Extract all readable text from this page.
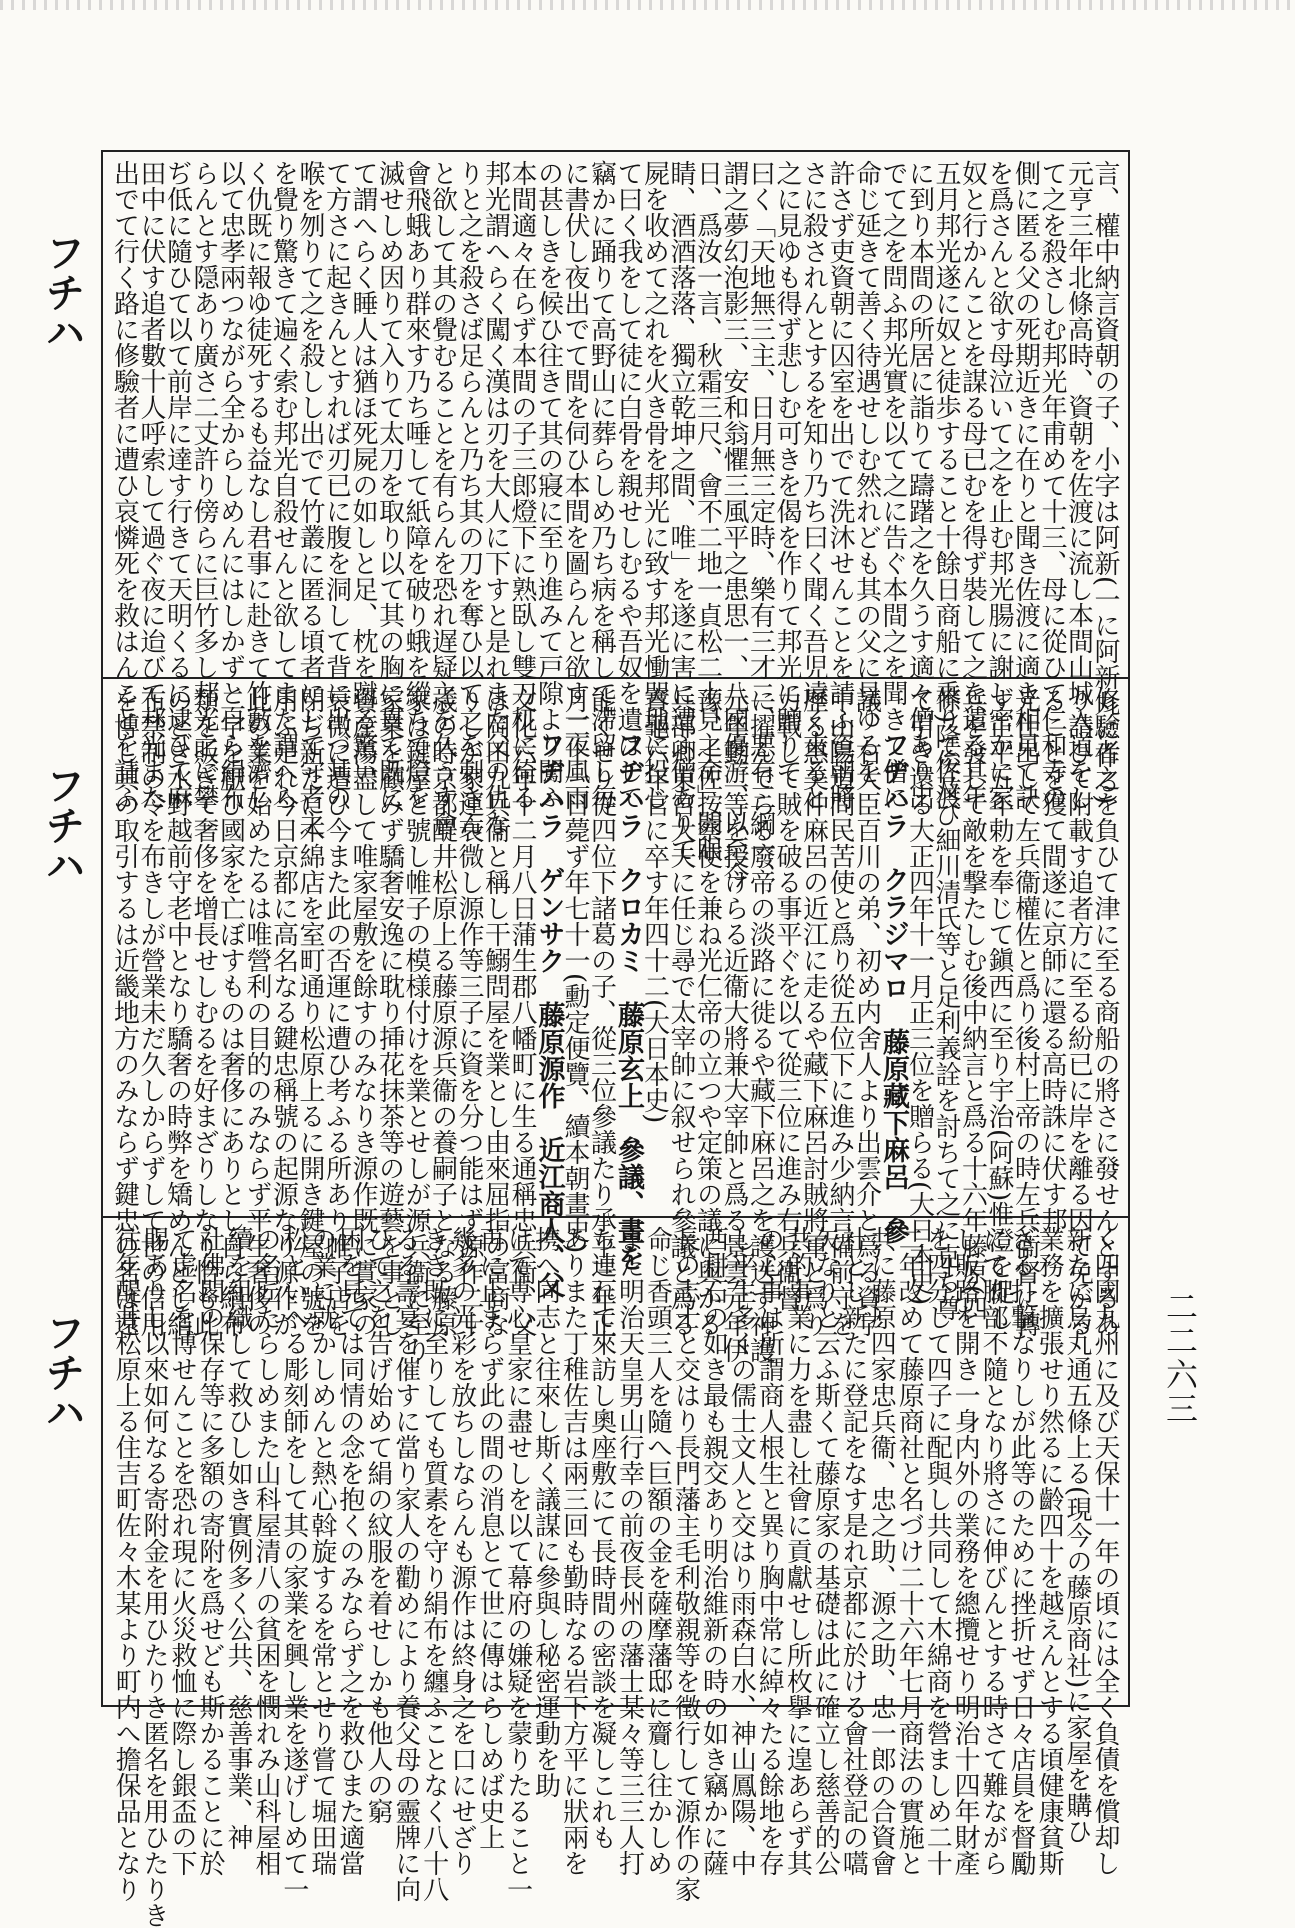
フチハ
フチハ
フチハ	二二六三
言、權中納言資朝の子、小字は阿新(一に阿新丸に作る)
元亨三年北條高時、資朝を佐渡に流し本間山城入道をし
て之を殺さしむ邦光年甫めて十三、母に從ひて仁和寺の
側に匿る父の死期近きに在りと聞き佐渡に適き相見て訣
を爲さんと欲す母泣いて之を止む邦光腸に謝し密かに家
奴と行かんことを謀る母已むを得ず裝して之を遣る其年
五月邦光遂に奴と徒歩すること十餘日商船に乗りて佐渡
に到り本間の所居に詣りて躊躇之を久うす適々僧あり出
でて之を問ふ邦光實を以て之に告ぐ本間之を聞きて僧に
命じ延きて善く待遇せしむ然れども其の父に見ゆるを
許さず吏資朝に囚室を出でて洗沐せんことを請ふ資朝將
さに殺されんとするを知り乃ち曰く聞く吾児遠く來ると
之に見ゆも得ず悲しむ可きを偈を作りて邦光に贈りて
曰く「天地無三主、日月無三定時、樂有三才二、悪有三綱一、
謂之夢幻泡影三、安和翁懼三風平之患思一、八國優游、以至今
日、爲汝一言、秋霜三尺、會不二地一貞松二士見之命」開眼
睛、酒酒落落、獨立乾坤之間、唯」を遂に害に遭ふ僧ありて
屍を收めて之れを火き骨を邦光に致す邦光慟哭地に投じ
て曰く我をして徒に白骨を親せしむるや吾奴を遺はして
竊かに踊りて高野山に葬らしめ乃ち病を稱して滯留し毎
に書伏し夜出でて間を伺ひ本間を圖らんと欲す一夜風雨
の甚しきを候ひ往きて其の寢に至り進みて戸隙より闖ふ
本間適々在らず本間の子三郎燈下に熟臥し雙刀杌に倚る
邦光謂へらく闖く漢は刃を大人に下すと是れまた父の仇な
りと之を殺さば足らんと乃ち其の刀を奪ひ以て之を刺さん
と欲して其の覺むることを有らんを恐れ遅疑之を久うす會
會飛蛾あり群來す乃ち唾して紙障を破り蛾を縱ちて燈を
滅せしめ因りて入りて太刀を取り以て其の胸に貫て既に
て謂へらく睡人は猶ほ死屍の如しと足、枕を蹴る驚い
て方さに起きんとすれば刃已に腹を洞して背に出づ其の
喉を刎りて之を殺しし出でて竹叢に匿る頃者にして守者之
を覺り驚きて遍く索む邦光自殺せんと欲してまた謂へら
く仇既に報ゆ徒死するも益なし君事に赴きて竹藪を濟し
以て忠孝兩つながら全からしめんにはしかずと自ら絹布
らんとす隠あり廣さ二丈許り傍らに巨竹多し邦光之に攀
ぢ低に隨ひて以て前岸に達す行きて天明くるに逮びて麻
田中に伏す追者數十人呼索して過ぐ夜に迨びて邦光また
出でて行く路に修驗者に遭ひ哀憐死を救はんことを請ふ
修驗者之を負ひて津に至る商船の將さに發せんとするあ
り請ひて附載す追者方に至る紛已に岸を離る因て免がる
ることを獲て間遂に京師に還る高時誅に伏す邦
光仕出して左兵衞權佐と爲り後村上帝の時左兵衞督に轉
ず正平五年勅を奉じて鎭西に至り宇治(阿蘇)惟澄を促し
兵を發して敵を撃たしむ後中納言と爲る十六年藤原(四
條)隆俊及び細川清氏等と足利義詮を討ちて之に克ち尊
て引き還る大正四年十一月正三位を贈らる(大日本史)
フヂハラ　クラジマロ　藤原藏下麻呂　參
議、右大臣百川の弟、初め内舍人より出雲介と爲る資字
中山陽道問民苦使と爲り從五位下に進み少納言備前守を
歷る惠美仲麻呂の近江に走るや藏下麻呂討賊將軍と爲り
力戰して賊を破る事平ぐを以て從三位に進み右兵衞督
に擢んでらる廢帝の淡路に徙るや藏下麻呂之を護送す神護
元年動二等を授けらる近衞大將兼大宰帥と爲る景雲元年伊
豫、土佐按察使を兼ね光仁帝の立つや定策の議に與かる
兵部卿東宮大夫に任じ尋で太宰帥に叙せられ參議と爲る
寶龜六年官に卒す年四十二(大日本史)
フヂハラ　クロカミ　藤原玄上　參議、畫を
能くせり從四位下諸葛の子、從三位參議たり承平三年正
月二十一日薨ず年七十一(勳定便覽、續本朝畫史)
フヂハラ　ゲンサク　藤原源作　近江商人、父
文化六年十二月八日蒲生郡八幡町に生る通稱忠兵衞、父
は岡田九兵衞と稱し干鰯問屋を業とし由來屈指の富商な
りしが家運衰微し源作等三子に資を分つ能はず源作二十
歳の時京都醍井松原上る藤原源兵衞の養嗣子となる藤原
家は鍵屋と號し帷子の模様付けを業とせしが源兵衞に至り
家業を顧みず驕奢安逸に耽り挿花抹茶等の遊藝を事とし
資産蕩盡して唯家屋敷を餘すのみなりき源作既に實家の
衰微に遭ひ今また此の否運に遭ひ考ふる所あり帷子店を
閉ぢ新たに木綿店を室町通り松原上るに開き鍵屋の號を
用ふ是れ今日京都に高名なる鍵忠稱號の起源なり源作が
此の業を始めたるは唯營利の目的のみならず平生奢侈の
二字を厭ひ國家を亡ぼすものは奢侈にありとし自ら絹布
類を販ぎて奢侈を增長せしむるを好まざりしなり恰も此
のとき水野越前守老中となり驕奢の時弊を矯めんとし絹
布禁制の令を布きしが營業未だ久しからずして世の信用
を博し其の取引するは近畿地方のみならず鍵忠の名は遠
く四國九州に及び天保十一年の頃には全く負債を償却し
新たに烏丸通五條上る(現今の藤原商社)に家屋を購ひ
業務を擴張せり然るに齡四十を越えんとする頃健康貧斯
ざる打撃なりしが此等のために挫折せず日々店員を督勵
にて脚部不隨となり將さに伸びんとする時さて難ながら
し販路を開き一身内外の業務を總攬せり明治十四年財產
を四分して四子に配與し共同して木綿商を營ましめ二十
二年改めて藤原商社と名づけ二十六年七月商法の實施と
共に藤原四家忠兵衞、忠之助、源之助、忠一郎の合資會
社とし新たに登記をなす是れ京都に於ける會社登記の嚆
矢なりと云ふ斯くて藤原家の基礎は此に確立し慈善的公
共的事業に力を盡し社會に貢獻せし所枚擧に遑あらず其
の心事は所謂商人根生と異り胸中常に綽々たる餘地を存
し平生多くの儒士文人と交はり雨森白水、神山鳳陽、中
西耕石の如き最も親交あり明治維新の時の如き竊かに薩
長の志士と交はり長門藩主毛利敬親等を徵行して源作の家
命じ香頭三人を隨へ巨額の金を薩摩藩邸に齎し往かしめ
また明治天皇男山行幸の前夜長州の藩士某々等三三人打
ち連れて來訪し奧座敷にて長時間の密談を凝しこれも
ありまた丁稚佐吉は兩三回も勤時なる岩下方平に狀兩を
携へ同志と往來し斯く議謀に參與し秘密運動を助
けて専心皇家に盡せしを以て幕府の嫌疑を蒙りたること一
再に止まらず此の間の消息とて世に傳はらしめば史上
幾多の光彩を放ちしならんも源作は終身之を口にせざり
きき既に至りしても質素を守り絹布を纏ふことなく八十八
るる壽宴を催すに當り家人の勸めにより養父母の靈牌に向
ひて之を告げ始めて絹の紋服を着せしかも他人の窮
困を見ては同情の念を抱くのみならず之を救ひまた適當
の業に就かしめんと熱心斡旋するを常とせり嘗て堀田瑞
松といへる彫刻師をして其の家業を興し業を遂げしめて一
の名匠たらしめまた山科屋清八の貧困を憫れみ山科屋相
續を組織して救ひし如き實例多く公共、慈善事業、神
社佛閣の保存等に多額の寄附を爲せども斯かることに於
て虚名を博せんことを恐れ現に火災救恤に際し銀盃の下
賜ありし以來如何なる寄附金を用ひたりき匿名を用ひたりき
往年醍井松原上る住吉町佐々木某より町内へ擔保品となり
